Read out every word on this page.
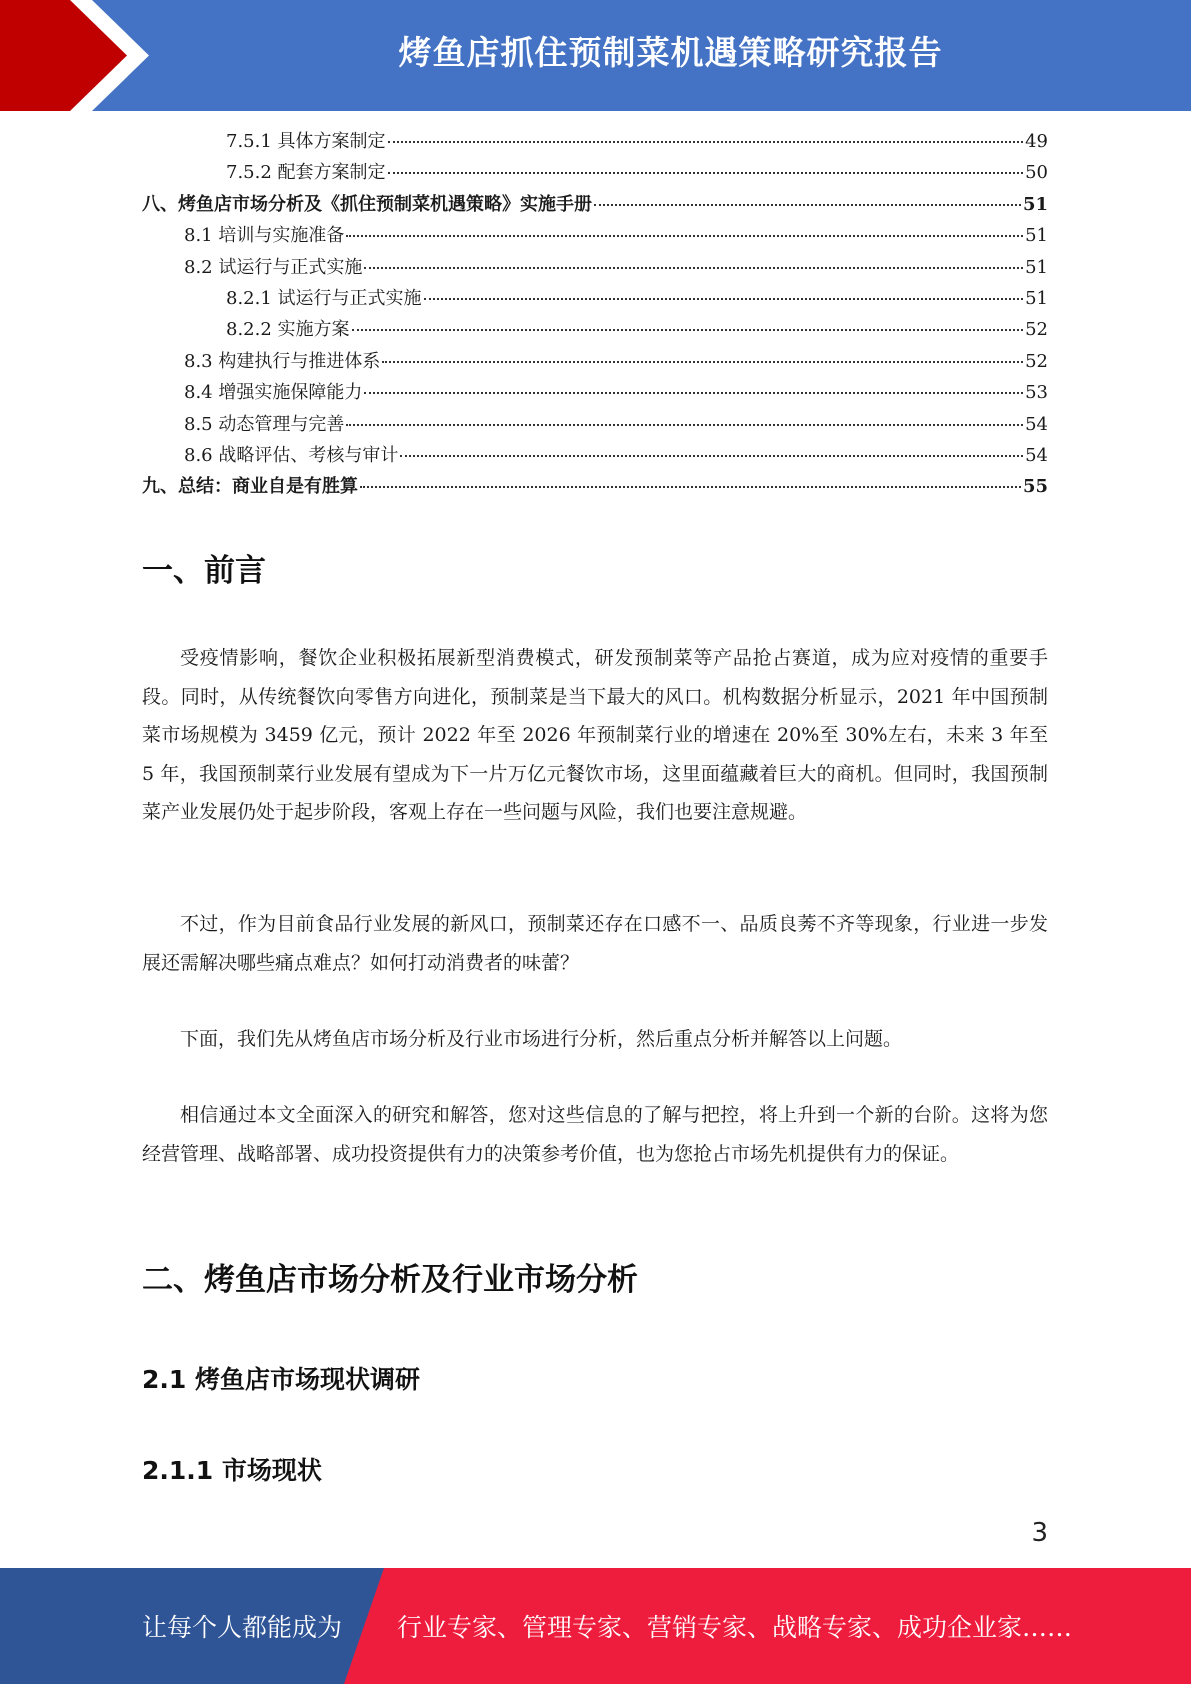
烤鱼店抓住预制菜机遇策略研究报告
7.5.1 具体方案制定	49
7.5.2 配套方案制定	50
八、烤鱼店市场分析及《抓住预制菜机遇策略》实施手册	51
8.1 培训与实施准备	51
8.2 试运行与正式实施	51
8.2.1 试运行与正式实施	51
8.2.2 实施方案	52
8.3 构建执行与推进体系	52
8.4 增强实施保障能力	53
8.5 动态管理与完善	54
8.6 战略评估、考核与审计	54
九、总结：商业自是有胜算	55
一、前言

受疫情影响，餐饮企业积极拓展新型消费模式，研发预制菜等产品抢占赛道，成为应对疫情的重要手段。同时，从传统餐饮向零售方向进化，预制菜是当下最大的风口。机构数据分析显示，2021 年中国预制菜市场规模为 3459 亿元，预计 2022 年至 2026 年预制菜行业的增速在 20%至 30%左右，未来 3 年至 5 年，我国预制菜行业发展有望成为下一片万亿元餐饮市场，这里面蕴藏着巨大的商机。但同时，我国预制菜产业发展仍处于起步阶段，客观上存在一些问题与风险，我们也要注意规避。

不过，作为目前食品行业发展的新风口，预制菜还存在口感不一、品质良莠不齐等现象，行业进一步发展还需解决哪些痛点难点？如何打动消费者的味蕾？

下面，我们先从烤鱼店市场分析及行业市场进行分析，然后重点分析并解答以上问题。

相信通过本文全面深入的研究和解答，您对这些信息的了解与把控，将上升到一个新的台阶。这将为您经营管理、战略部署、成功投资提供有力的决策参考价值，也为您抢占市场先机提供有力的保证。

二、烤鱼店市场分析及行业市场分析
2.1 烤鱼店市场现状调研
2.1.1 市场现状
3
让每个人都能成为 行业专家、管理专家、营销专家、战略专家、成功企业家……
